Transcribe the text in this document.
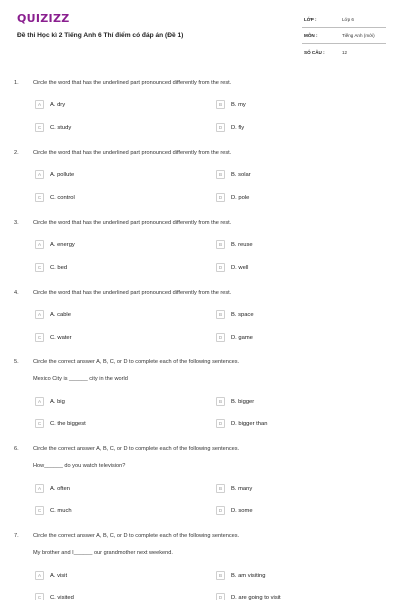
QUIZIZZ
Đề thi Học kì 2 Tiếng Anh 6 Thí điểm có đáp án (Đề 1)
LỚP :	Lớp 6
MÔN :	Tiếng Anh (mới)
SỐ CÂU :	12
1.	Circle the word that has the underlined part pronounced differently from the rest.
A	A. dry	B	B. my
C	C. study	D	D. fly
2.	Circle the word that has the underlined part pronounced differently from the rest.
A	A. pollute	B	B. solar
C	C. control	D	D. pole
3.	Circle the word that has the underlined part pronounced differently from the rest.
A	A. energy	B	B. reuse
C	C. bed	D	D. well
4.	Circle the word that has the underlined part pronounced differently from the rest.
A	A. cable	B	B. space
C	C. water	D	D. game
5.	Circle the correct answer A, B, C, or D to complete each of the following sentences.
Mexico City is ______ city in the world
A	A. big	B	B. bigger
C	C. the biggest	D	D. bigger than
6.	Circle the correct answer A, B, C, or D to complete each of the following sentences.
How______ do you watch television?
A	A. often	B	B. many
C	C. much	D	D. some
7.	Circle the correct answer A, B, C, or D to complete each of the following sentences.
My brother and I______ our grandmother next weekend.
A	A. visit	B	B. am visiting
C	C. visited	D	D. are going to visit
